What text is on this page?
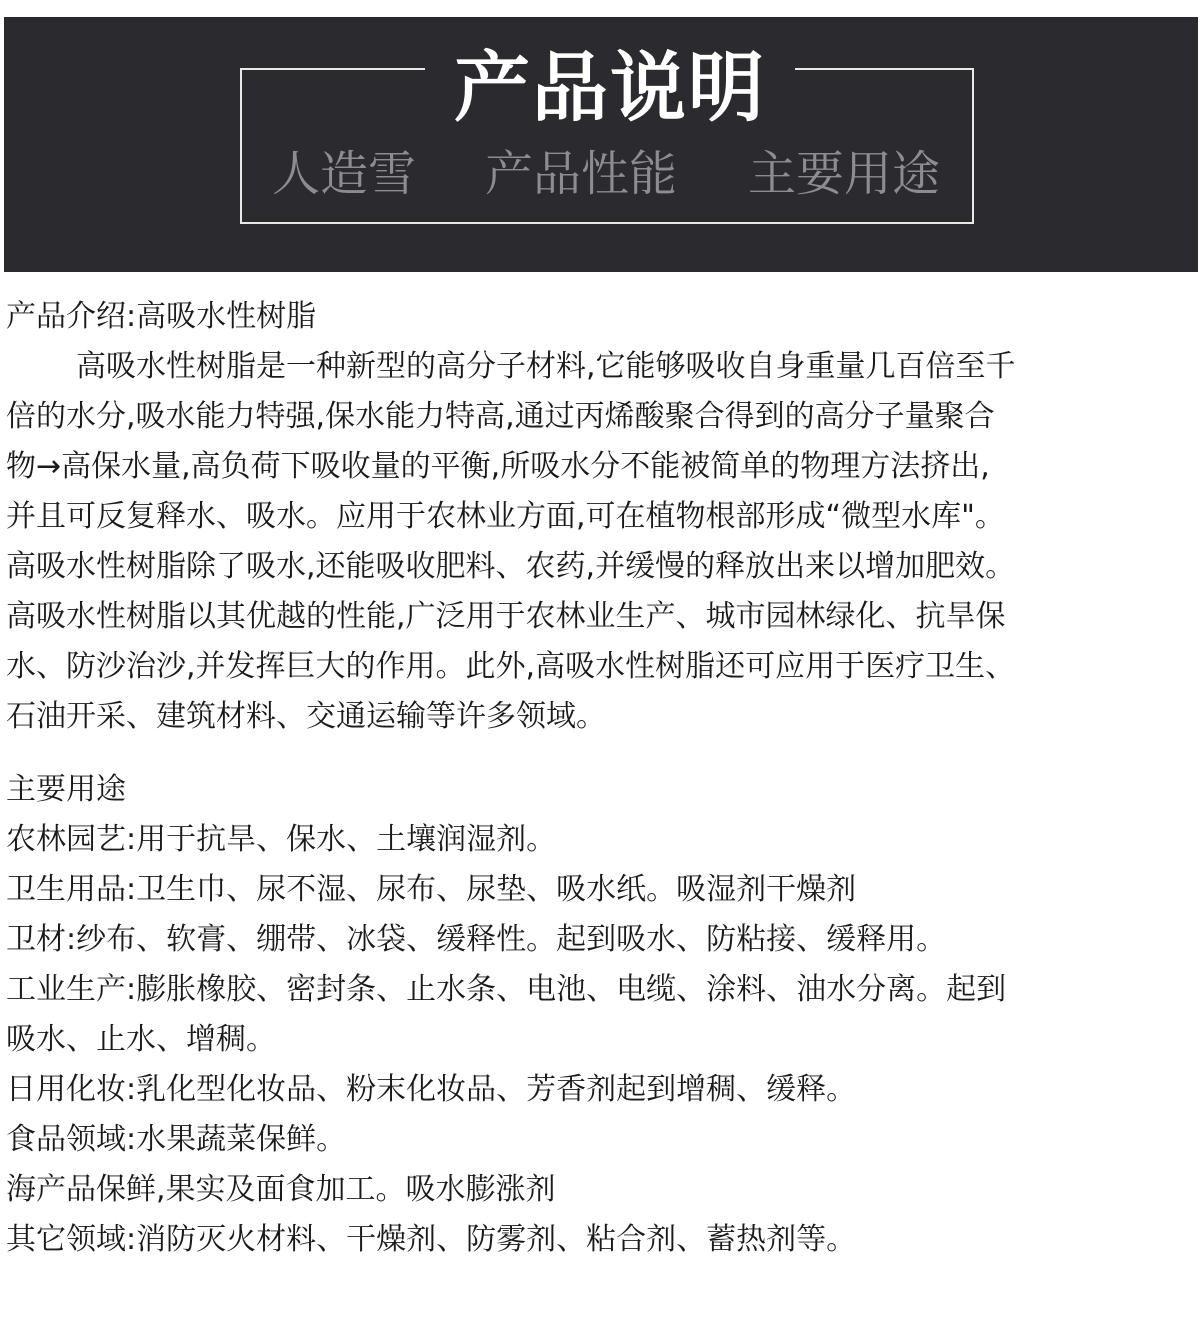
产品说明
人造雪 产品性能 主要用途
产品介绍:高吸水性树脂
高吸水性树脂是一种新型的高分子材料,它能够吸收自身重量几百倍至千
倍的水分,吸水能力特强,保水能力特高,通过丙烯酸聚合得到的高分子量聚合
物→高保水量,高负荷下吸收量的平衡,所吸水分不能被简单的物理方法挤出,
并且可反复释水、吸水。应用于农林业方面,可在植物根部形成“微型水库"。
高吸水性树脂除了吸水,还能吸收肥料、农药,并缓慢的释放出来以增加肥效。
高吸水性树脂以其优越的性能,广泛用于农林业生产、城市园林绿化、抗旱保
水、防沙治沙,并发挥巨大的作用。此外,高吸水性树脂还可应用于医疗卫生、
石油开采、建筑材料、交通运输等许多领域。
主要用途
农林园艺:用于抗旱、保水、土壤润湿剂。
卫生用品:卫生巾、尿不湿、尿布、尿垫、吸水纸。吸湿剂干燥剂
卫材:纱布、软膏、绷带、冰袋、缓释性。起到吸水、防粘接、缓释用。
工业生产:膨胀橡胶、密封条、止水条、电池、电缆、涂料、油水分离。起到
吸水、止水、增稠。
日用化妆:乳化型化妆品、粉末化妆品、芳香剂起到增稠、缓释。
食品领域:水果蔬菜保鲜。
海产品保鲜,果实及面食加工。吸水膨涨剂
其它领域:消防灭火材料、干燥剂、防雾剂、粘合剂、蓄热剂等。
